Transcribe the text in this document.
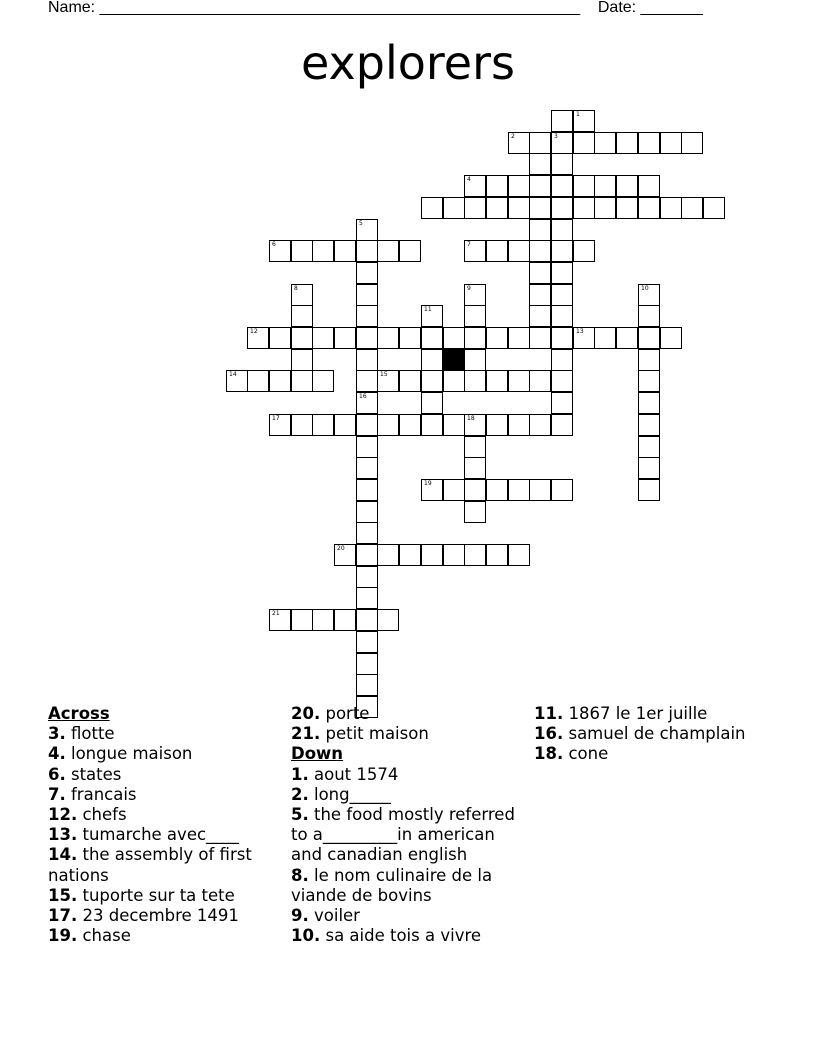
Name: ______________________________________________________    Date: _______
explorers
3
4
6	7
5
16
8	9	10
12	13
11
14	15
17	18
19
20
21
1
2
Across
3. flotte
4. longue maison
6. states
7. francais
12. chefs
13. tumarche avec____
14. the assembly of first nations
15. tuporte sur ta tete
17. 23 decembre 1491
19. chase
20. porte
21. petit maison
Down
1. aout 1574
2. long_____
5. the food mostly referred to a_________in american and canadian english
8. le nom culinaire de la viande de bovins
9. voiler
10. sa aide tois a vivre
11. 1867 le 1er juille
16. samuel de champlain
18. cone
